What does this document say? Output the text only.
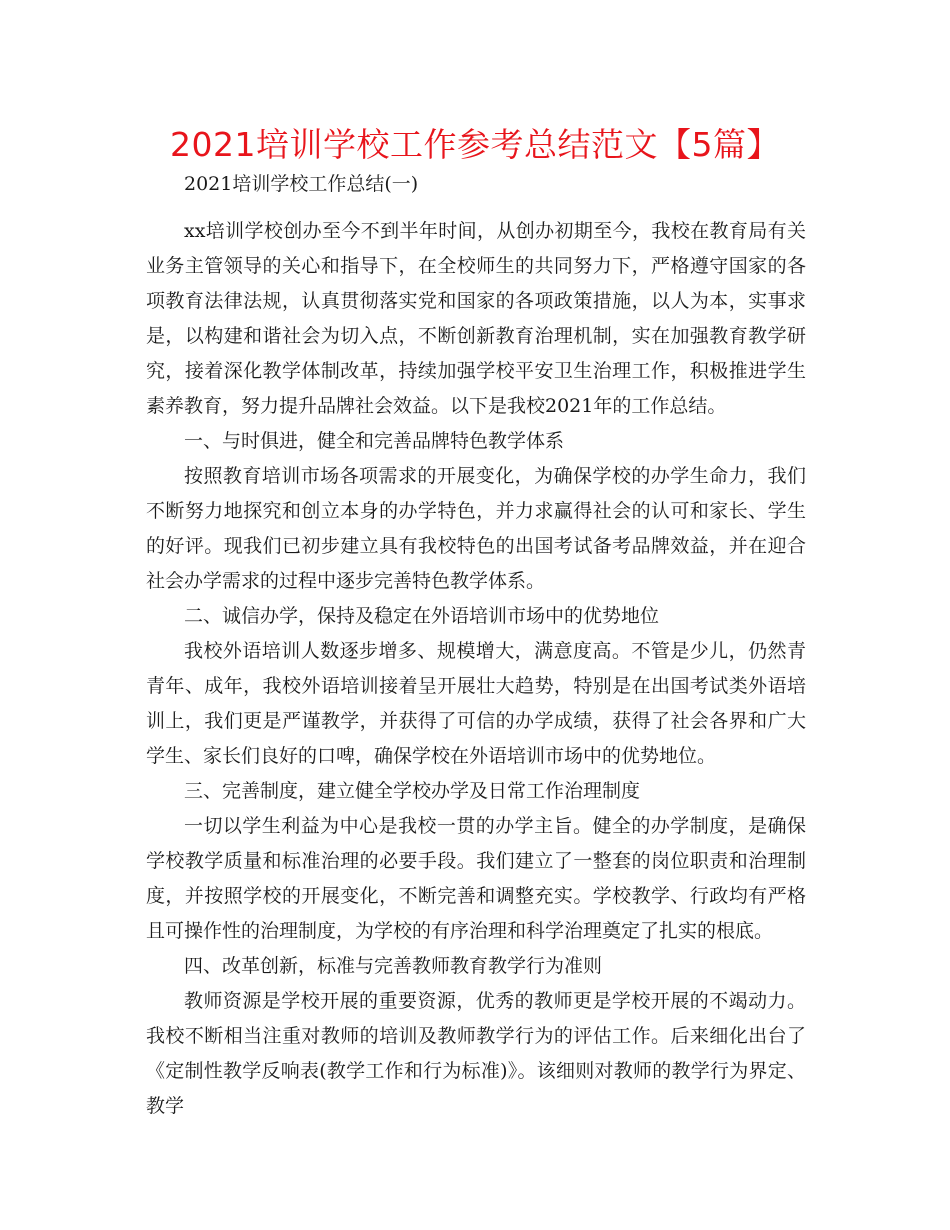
2021培训学校工作参考总结范文【5篇】

2021培训学校工作总结(一)

xx培训学校创办至今不到半年时间，从创办初期至今，我校在教育局有关业务主管领导的关心和指导下，在全校师生的共同努力下，严格遵守国家的各项教育法律法规，认真贯彻落实党和国家的各项政策措施，以人为本，实事求是，以构建和谐社会为切入点，不断创新教育治理机制，实在加强教育教学研究，接着深化教学体制改革，持续加强学校平安卫生治理工作，积极推进学生素养教育，努力提升品牌社会效益。以下是我校2021年的工作总结。

一、与时俱进，健全和完善品牌特色教学体系

按照教育培训市场各项需求的开展变化，为确保学校的办学生命力，我们不断努力地探究和创立本身的办学特色，并力求赢得社会的认可和家长、学生的好评。现我们已初步建立具有我校特色的出国考试备考品牌效益，并在迎合社会办学需求的过程中逐步完善特色教学体系。

二、诚信办学，保持及稳定在外语培训市场中的优势地位

我校外语培训人数逐步增多、规模增大，满意度高。不管是少儿，仍然青青年、成年，我校外语培训接着呈开展壮大趋势，特别是在出国考试类外语培训上，我们更是严谨教学，并获得了可信的办学成绩，获得了社会各界和广大学生、家长们良好的口啤，确保学校在外语培训市场中的优势地位。

三、完善制度，建立健全学校办学及日常工作治理制度

一切以学生利益为中心是我校一贯的办学主旨。健全的办学制度，是确保学校教学质量和标准治理的必要手段。我们建立了一整套的岗位职责和治理制度，并按照学校的开展变化，不断完善和调整充实。学校教学、行政均有严格且可操作性的治理制度，为学校的有序治理和科学治理奠定了扎实的根底。

四、改革创新，标准与完善教师教育教学行为准则

教师资源是学校开展的重要资源，优秀的教师更是学校开展的不竭动力。我校不断相当注重对教师的培训及教师教学行为的评估工作。后来细化出台了《定制性教学反响表(教学工作和行为标准)》。该细则对教师的教学行为界定、教学
